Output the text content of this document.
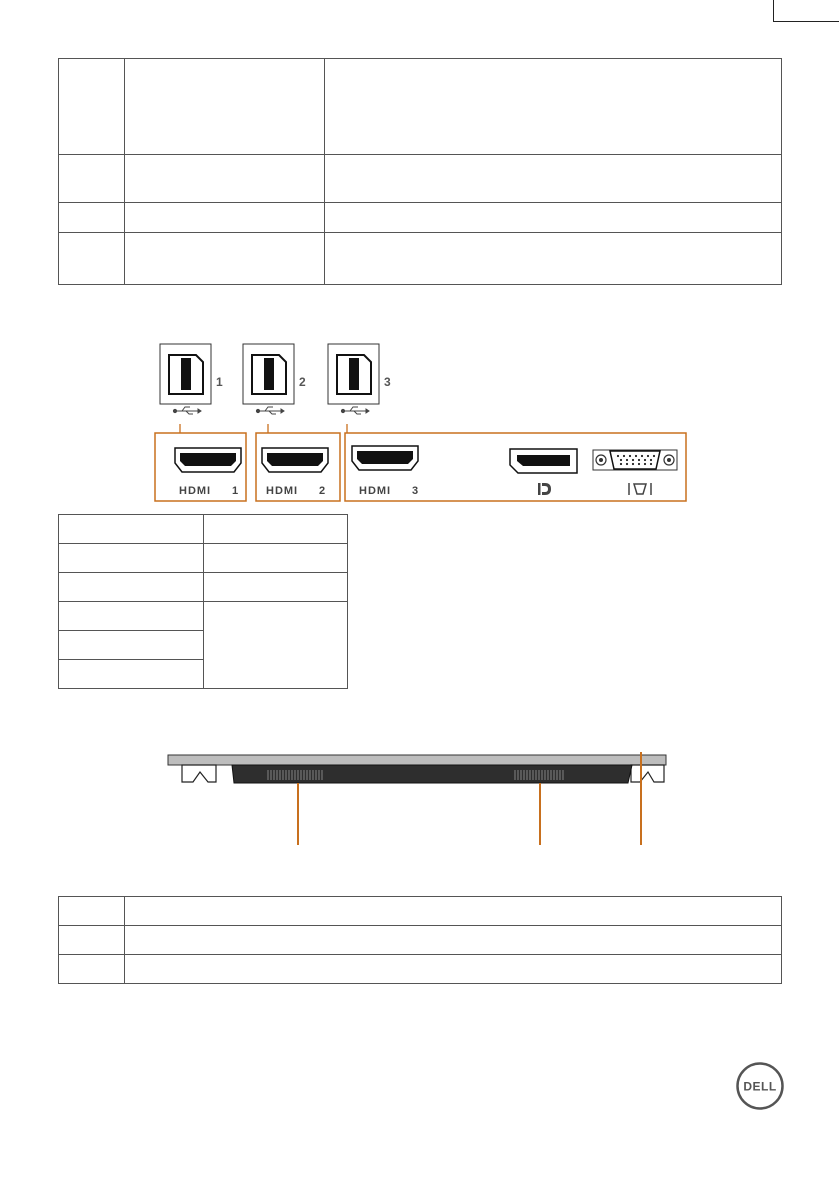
1	2	3
HDMI 1	HDMI 2	HDMI 3

DELL
